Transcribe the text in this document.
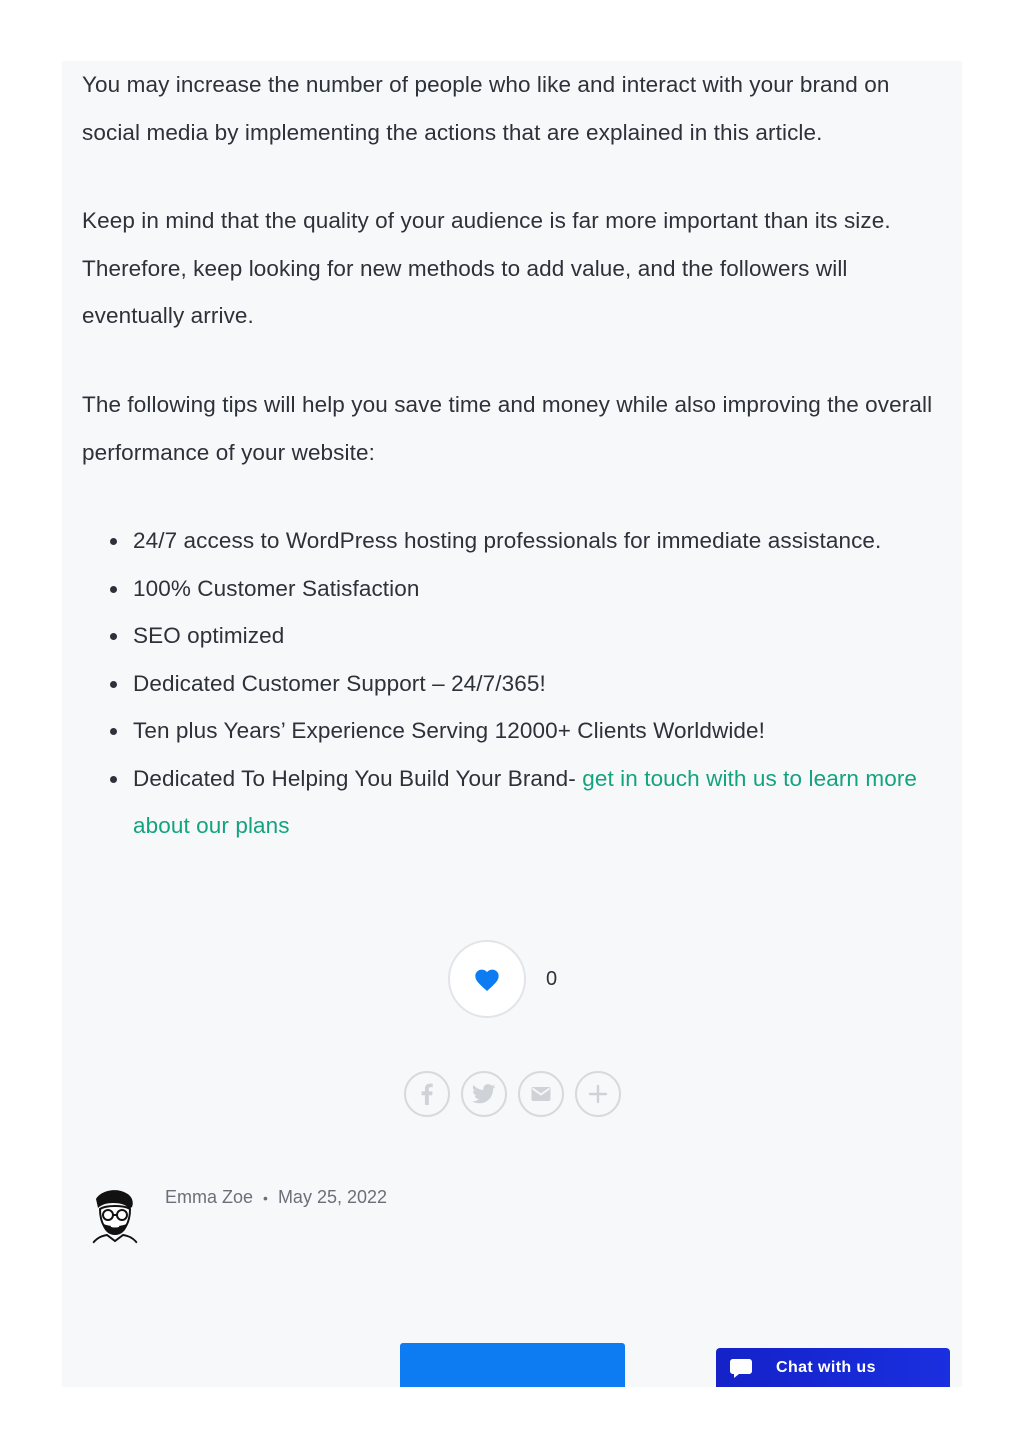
You may increase the number of people who like and interact with your brand on social media by implementing the actions that are explained in this article.

Keep in mind that the quality of your audience is far more important than its size. Therefore, keep looking for new methods to add value, and the followers will eventually arrive.

The following tips will help you save time and money while also improving the overall performance of your website:

24/7 access to WordPress hosting professionals for immediate assistance.
100% Customer Satisfaction
SEO optimized
Dedicated Customer Support – 24/7/365!
Ten plus Years’ Experience Serving 12000+ Clients Worldwide!
Dedicated To Helping You Build Your Brand- get in touch with us to learn more about our plans
0
Emma Zoe • May 25, 2022
Chat with us
